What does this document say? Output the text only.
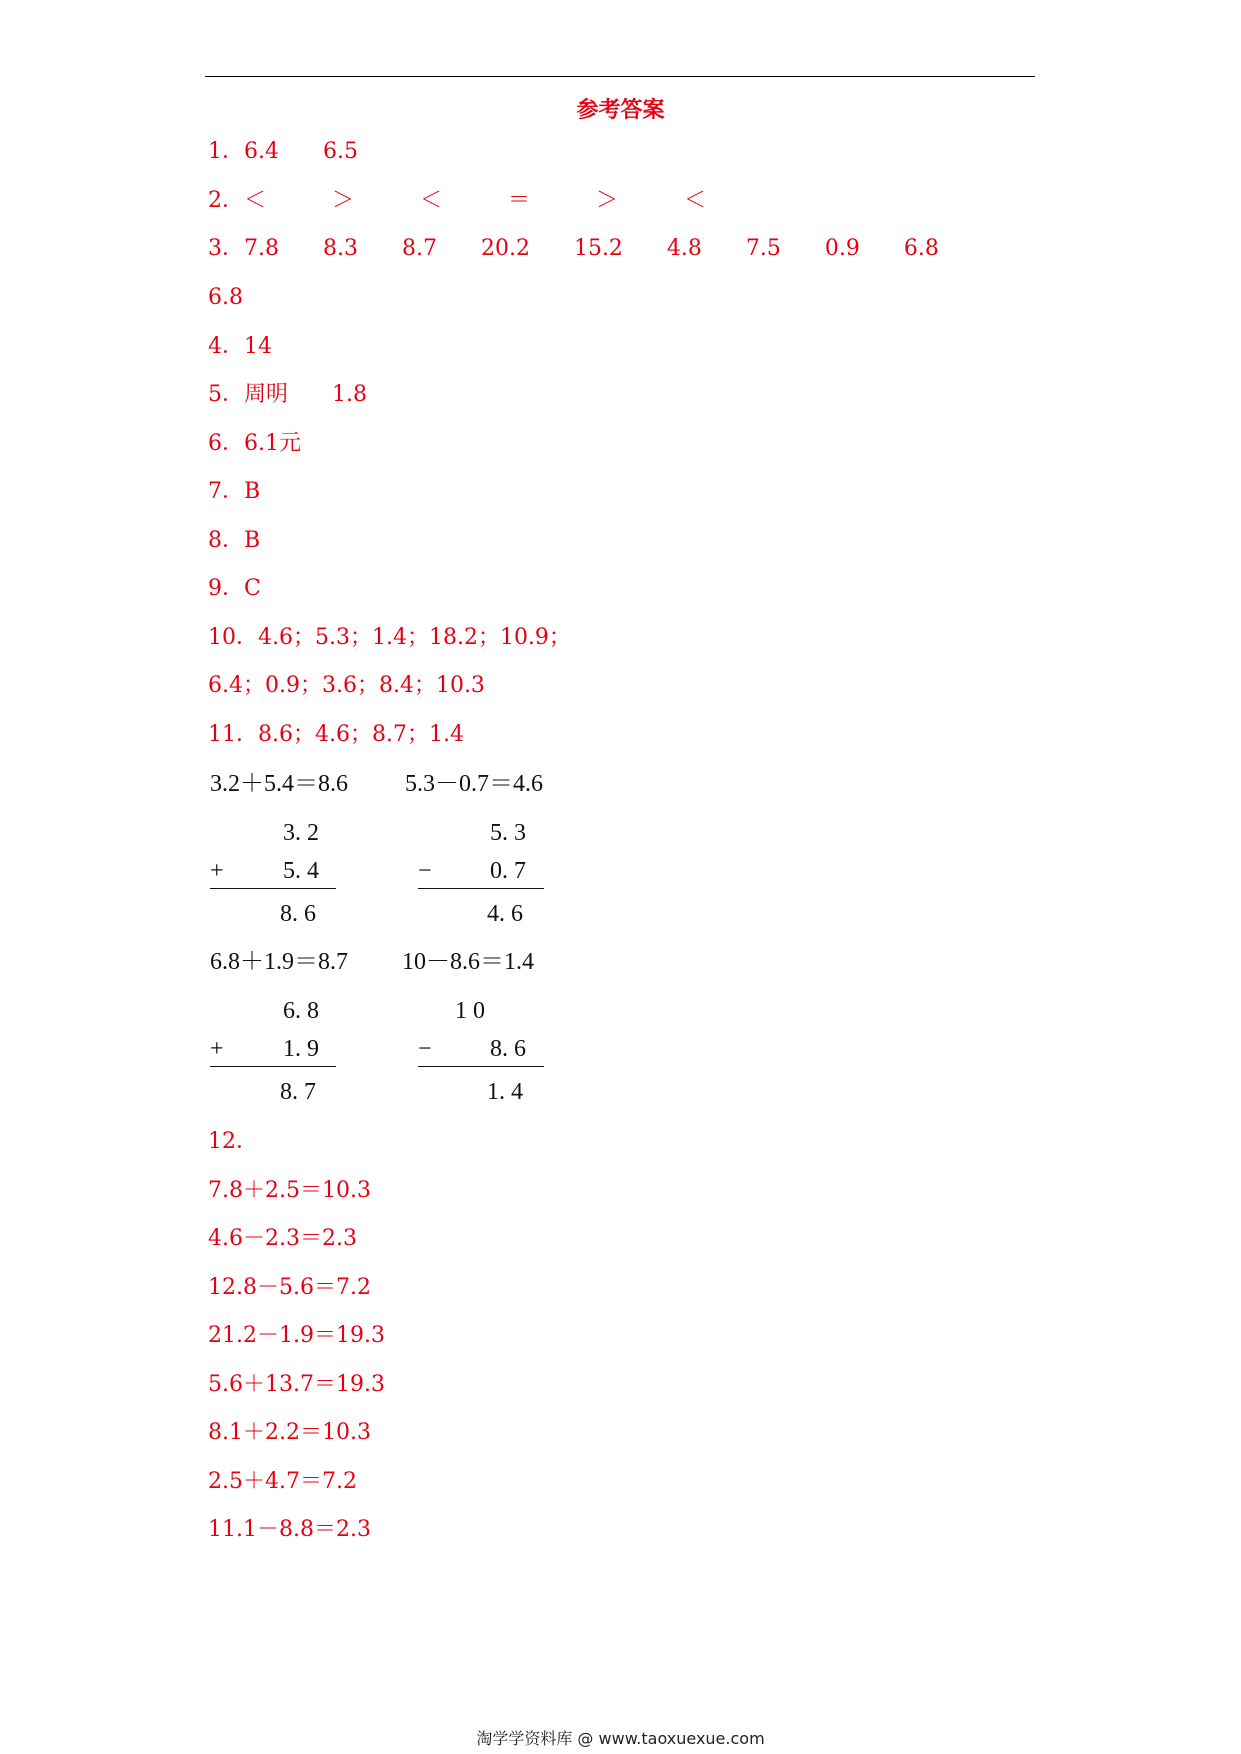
参考答案
1．6.4　　6.5
2．＜　　　＞　　　＜　　　＝　　　＞　　　＜
3．7.8　　8.3　　8.7　　20.2　　15.2　　4.8　　7.5　　0.9　　6.8
6.8
4．14
5．周明　　1.8
6．6.1元
7．B
8．B
9．C
10．4.6；5.3；1.4；18.2；10.9；
6.4；0.9；3.6；8.4；10.3
11．8.6；4.6；8.7；1.4
3.2＋5.4＝8.6 5.3－0.7＝4.6
3. 2
+ 5. 4
8. 6
5. 3
− 0. 7
4. 6
6.8＋1.9＝8.7 10－8.6＝1.4
6. 8
+ 1. 9
8. 7
1 0
− 8. 6
1. 4
12．
7.8＋2.5＝10.3
4.6－2.3＝2.3
12.8－5.6＝7.2
21.2－1.9＝19.3
5.6＋13.7＝19.3
8.1＋2.2＝10.3
2.5＋4.7＝7.2
11.1－8.8＝2.3
淘学学资料库 @ www.taoxuexue.com
